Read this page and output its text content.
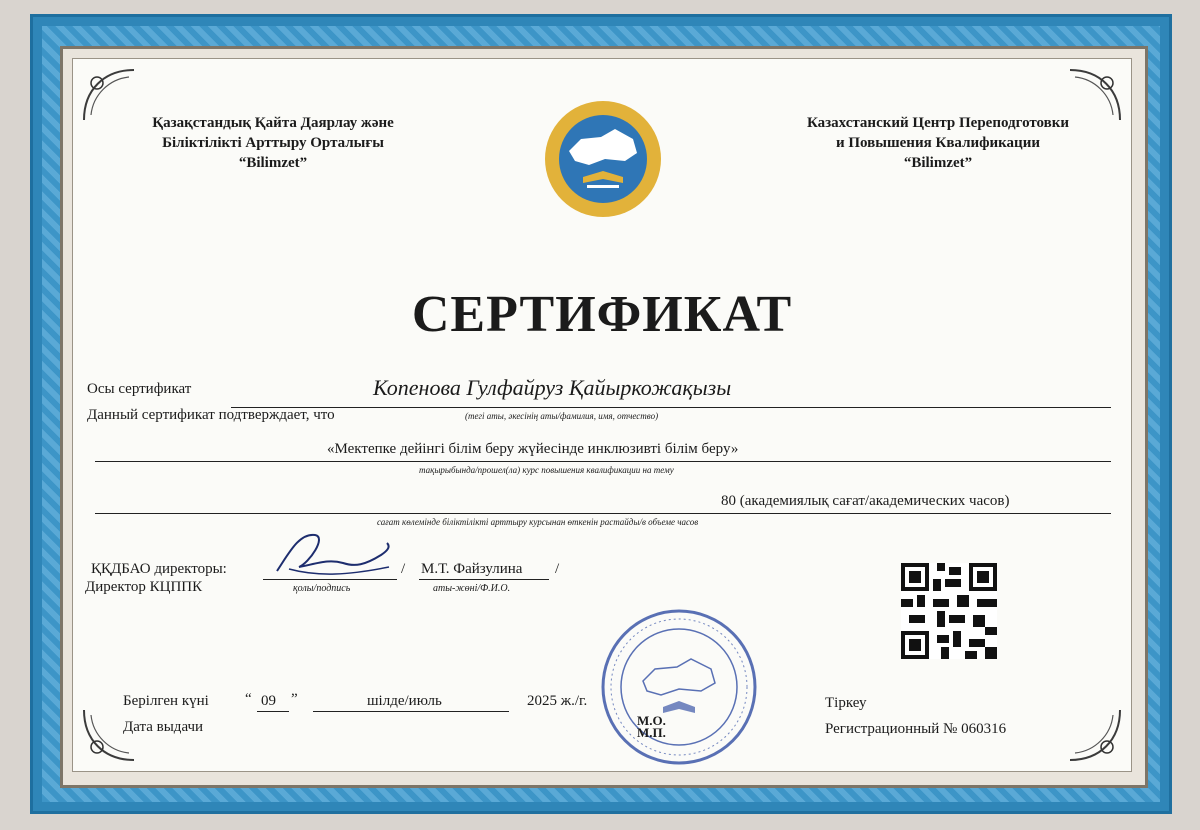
Қазақстандық Қайта Даярлау және
Біліктілікті Арттыру Орталығы
“Bilimzet”
Казахстанский Центр Переподготовки
и Повышения Квалификации
“Bilimzet”
СЕРТИФИКАТ
Осы сертификат	Копенова Гулфайруз Қайыркожақызы
(тегі аты, әкесінің аты/фамилия, имя, отчество)
Данный сертификат подтверждает, что
«Мектепке дейінгі білім беру жүйесінде инклюзивті білім беру»
тақырыбында/прошел(ла) курс повышения квалификации на тему
80 (академиялық сағат/академических часов)
сағат көлемінде біліктілікті арттыру курсынан өткенін растайды/в объеме часов
ҚҚДБАО директоры:
Директор КЦППК
/ М.Т. Файзулина /
қолы/подпись	аты-жөні/Ф.И.О.
Берілген күні
Дата выдачи
“ 09 ”	шілде/июль	2025 ж./г.
М.О.
М.П.
Тіркеу
Регистрационный № 060316
